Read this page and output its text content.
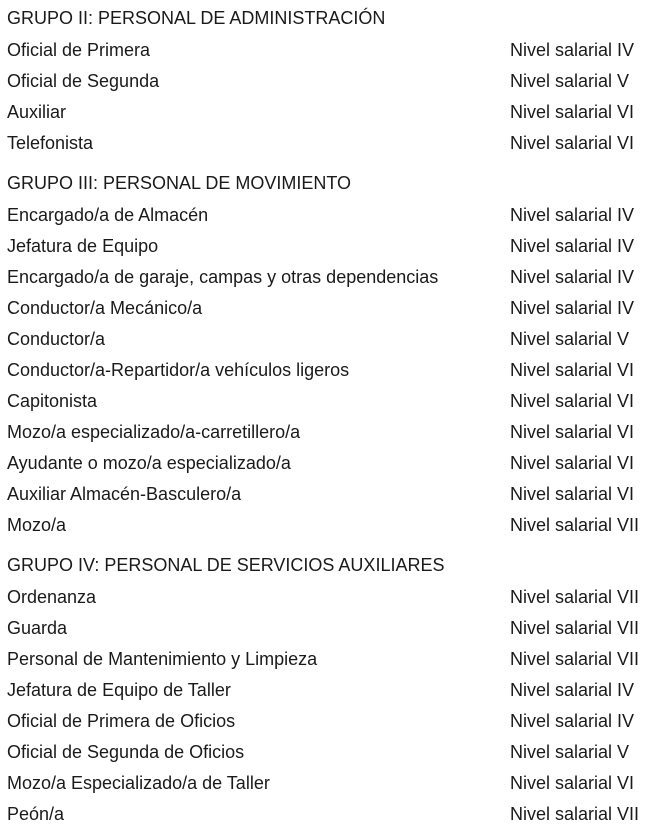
GRUPO II: PERSONAL DE ADMINISTRACIÓN
Oficial de Primera	Nivel salarial IV
Oficial de Segunda	Nivel salarial V
Auxiliar	Nivel salarial VI
Telefonista	Nivel salarial VI
GRUPO III: PERSONAL DE MOVIMIENTO
Encargado/a de Almacén	Nivel salarial IV
Jefatura de Equipo	Nivel salarial IV
Encargado/a de garaje, campas y otras dependencias	Nivel salarial IV
Conductor/a Mecánico/a	Nivel salarial IV
Conductor/a	Nivel salarial V
Conductor/a-Repartidor/a vehículos ligeros	Nivel salarial VI
Capitonista	Nivel salarial VI
Mozo/a especializado/a-carretillero/a	Nivel salarial VI
Ayudante o mozo/a especializado/a	Nivel salarial VI
Auxiliar Almacén-Basculero/a	Nivel salarial VI
Mozo/a	Nivel salarial VII
GRUPO IV: PERSONAL DE SERVICIOS AUXILIARES
Ordenanza	Nivel salarial VII
Guarda	Nivel salarial VII
Personal de Mantenimiento y Limpieza	Nivel salarial VII
Jefatura de Equipo de Taller	Nivel salarial IV
Oficial de Primera de Oficios	Nivel salarial IV
Oficial de Segunda de Oficios	Nivel salarial V
Mozo/a Especializado/a de Taller	Nivel salarial VI
Peón/a	Nivel salarial VII
